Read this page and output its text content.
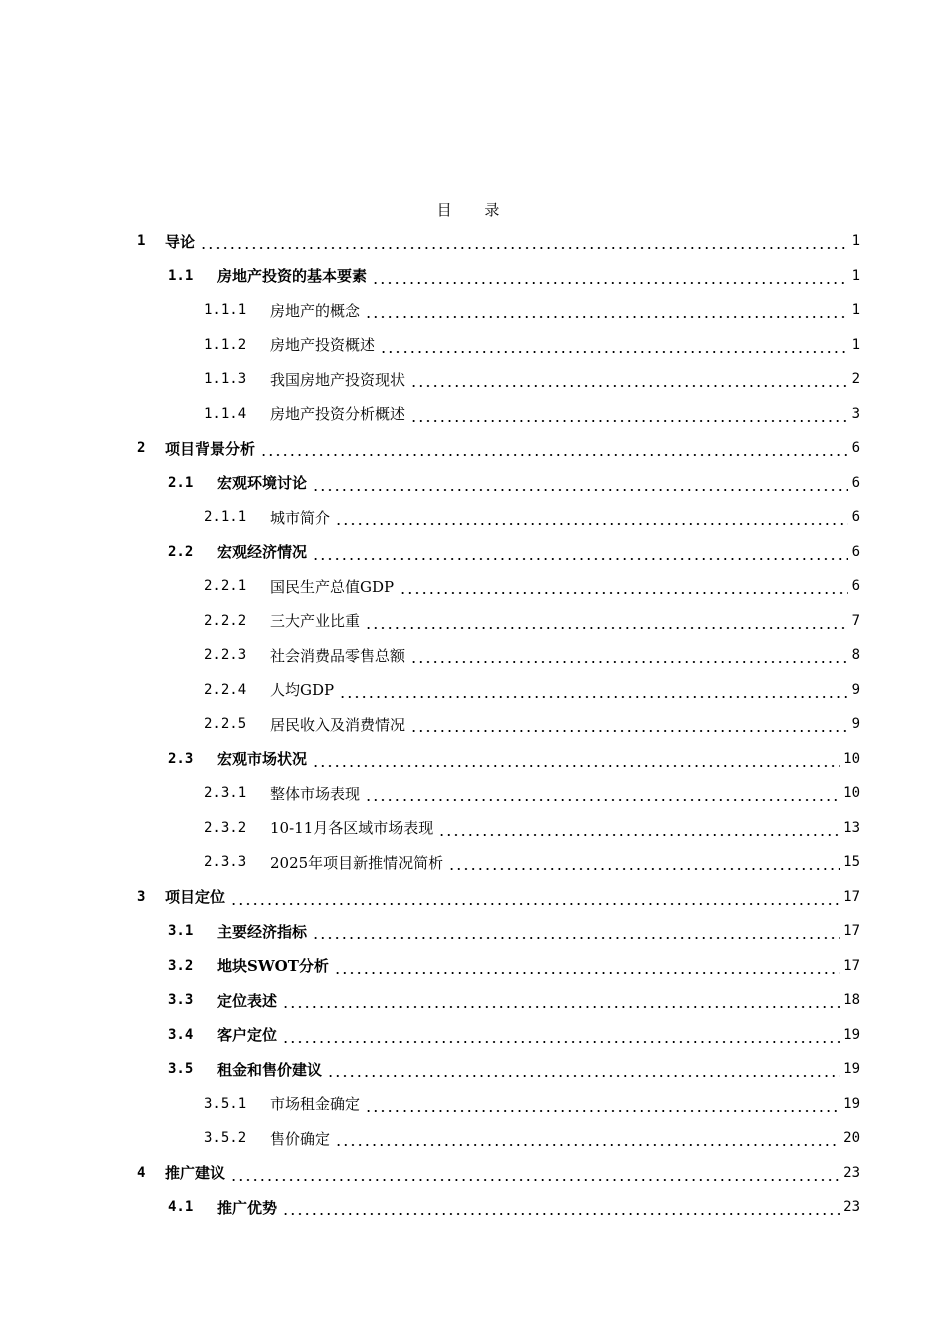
目 录
1	导论	1
1.1	房地产投资的基本要素	1
1.1.1	房地产的概念	1
1.1.2	房地产投资概述	1
1.1.3	我国房地产投资现状	2
1.1.4	房地产投资分析概述	3
2	项目背景分析	6
2.1	宏观环境讨论	6
2.1.1	城市简介	6
2.2	宏观经济情况	6
2.2.1	国民生产总值GDP	6
2.2.2	三大产业比重	7
2.2.3	社会消费品零售总额	8
2.2.4	人均GDP	9
2.2.5	居民收入及消费情况	9
2.3	宏观市场状况	10
2.3.1	整体市场表现	10
2.3.2	10-11月各区域市场表现	13
2.3.3	2025年项目新推情况简析	15
3	项目定位	17
3.1	主要经济指标	17
3.2	地块SWOT分析	17
3.3	定位表述	18
3.4	客户定位	19
3.5	租金和售价建议	19
3.5.1	市场租金确定	19
3.5.2	售价确定	20
4	推广建议	23
4.1	推广优势	23
